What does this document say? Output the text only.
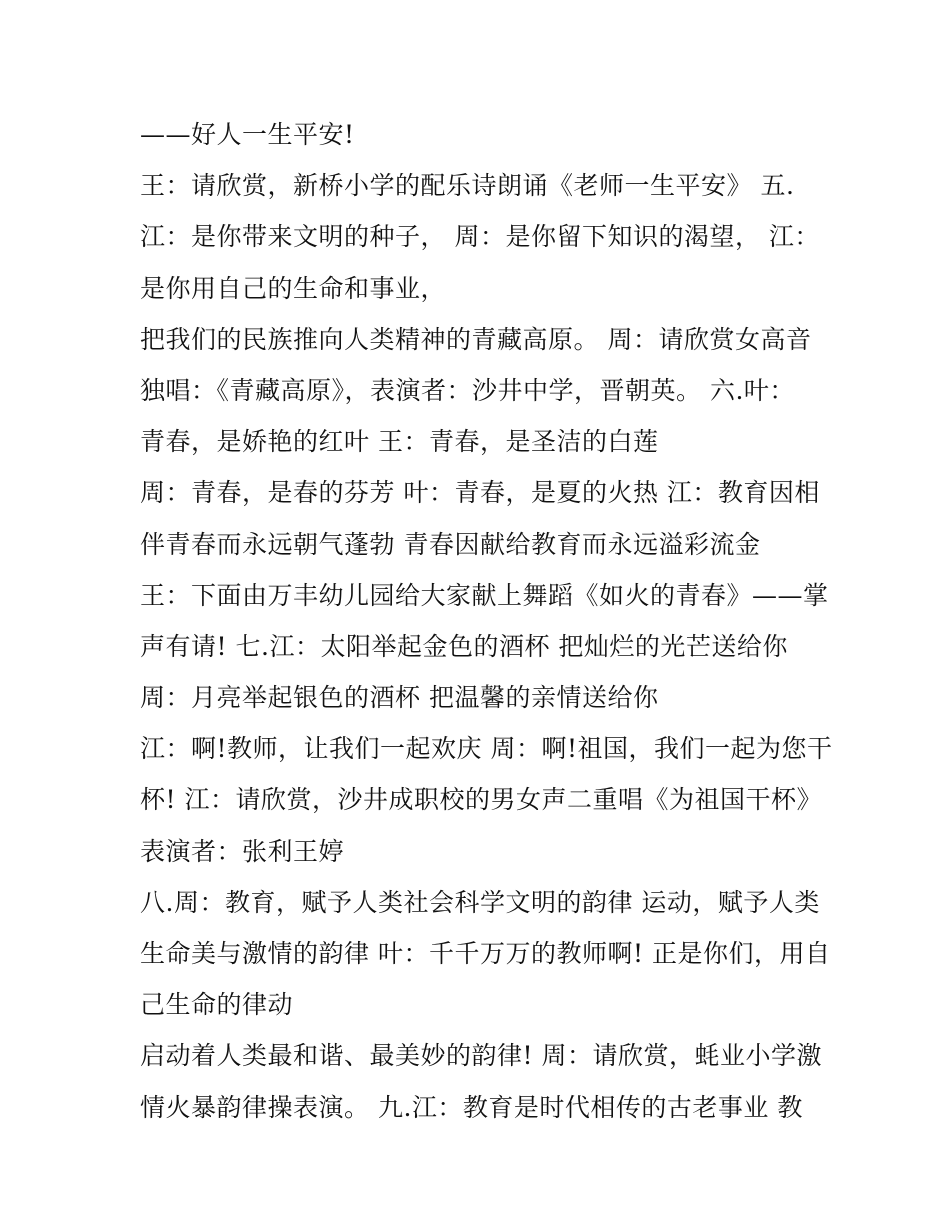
——好人一生平安!
王：请欣赏，新桥小学的配乐诗朗诵《老师一生平安》 五.
江：是你带来文明的种子， 周：是你留下知识的渴望， 江：
是你用自己的生命和事业，
把我们的民族推向人类精神的青藏高原。 周：请欣赏女高音
独唱：《青藏高原》，表演者：沙井中学，晋朝英。 六.叶：
青春，是娇艳的红叶 王：青春，是圣洁的白莲
周：青春，是春的芬芳 叶：青春，是夏的火热 江：教育因相
伴青春而永远朝气蓬勃 青春因献给教育而永远溢彩流金
王：下面由万丰幼儿园给大家献上舞蹈《如火的青春》——掌
声有请! 七.江：太阳举起金色的酒杯 把灿烂的光芒送给你
周：月亮举起银色的酒杯 把温馨的亲情送给你
江：啊!教师，让我们一起欢庆 周：啊!祖国，我们一起为您干
杯! 江：请欣赏，沙井成职校的男女声二重唱《为祖国干杯》
表演者：张利王婷
八.周：教育，赋予人类社会科学文明的韵律 运动，赋予人类
生命美与激情的韵律 叶：千千万万的教师啊! 正是你们，用自
己生命的律动
启动着人类最和谐、最美妙的韵律! 周：请欣赏，蚝业小学激
情火暴韵律操表演。 九.江：教育是时代相传的古老事业 教
